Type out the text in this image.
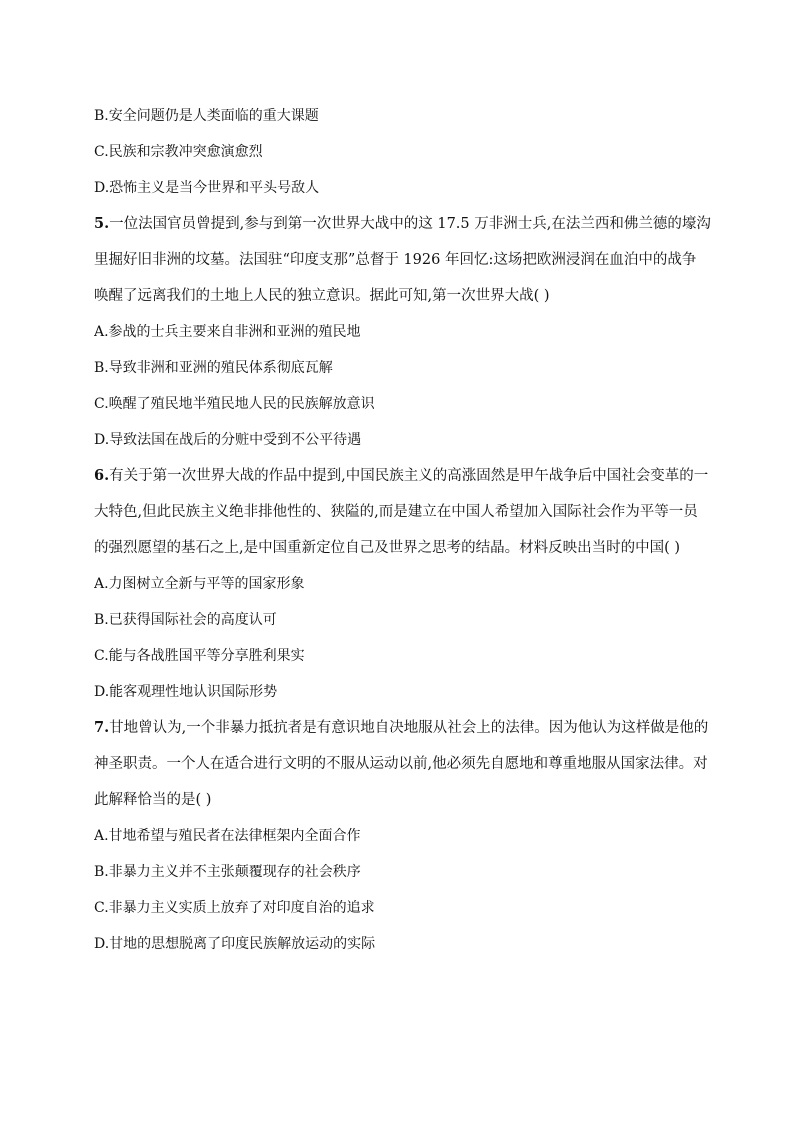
B.安全问题仍是人类面临的重大课题
C.民族和宗教冲突愈演愈烈
D.恐怖主义是当今世界和平头号敌人
5.一位法国官员曾提到,参与到第一次世界大战中的这 17.5 万非洲士兵,在法兰西和佛兰德的壕沟
里掘好旧非洲的坟墓。法国驻“印度支那”总督于 1926 年回忆:这场把欧洲浸润在血泊中的战争
唤醒了远离我们的土地上人民的独立意识。据此可知,第一次世界大战( )
A.参战的士兵主要来自非洲和亚洲的殖民地
B.导致非洲和亚洲的殖民体系彻底瓦解
C.唤醒了殖民地半殖民地人民的民族解放意识
D.导致法国在战后的分赃中受到不公平待遇
6.有关于第一次世界大战的作品中提到,中国民族主义的高涨固然是甲午战争后中国社会变革的一
大特色,但此民族主义绝非排他性的、狭隘的,而是建立在中国人希望加入国际社会作为平等一员
的强烈愿望的基石之上,是中国重新定位自己及世界之思考的结晶。材料反映出当时的中国( )
A.力图树立全新与平等的国家形象
B.已获得国际社会的高度认可
C.能与各战胜国平等分享胜利果实
D.能客观理性地认识国际形势
7.甘地曾认为,一个非暴力抵抗者是有意识地自决地服从社会上的法律。因为他认为这样做是他的
神圣职责。一个人在适合进行文明的不服从运动以前,他必须先自愿地和尊重地服从国家法律。对
此解释恰当的是( )
A.甘地希望与殖民者在法律框架内全面合作
B.非暴力主义并不主张颠覆现存的社会秩序
C.非暴力主义实质上放弃了对印度自治的追求
D.甘地的思想脱离了印度民族解放运动的实际
